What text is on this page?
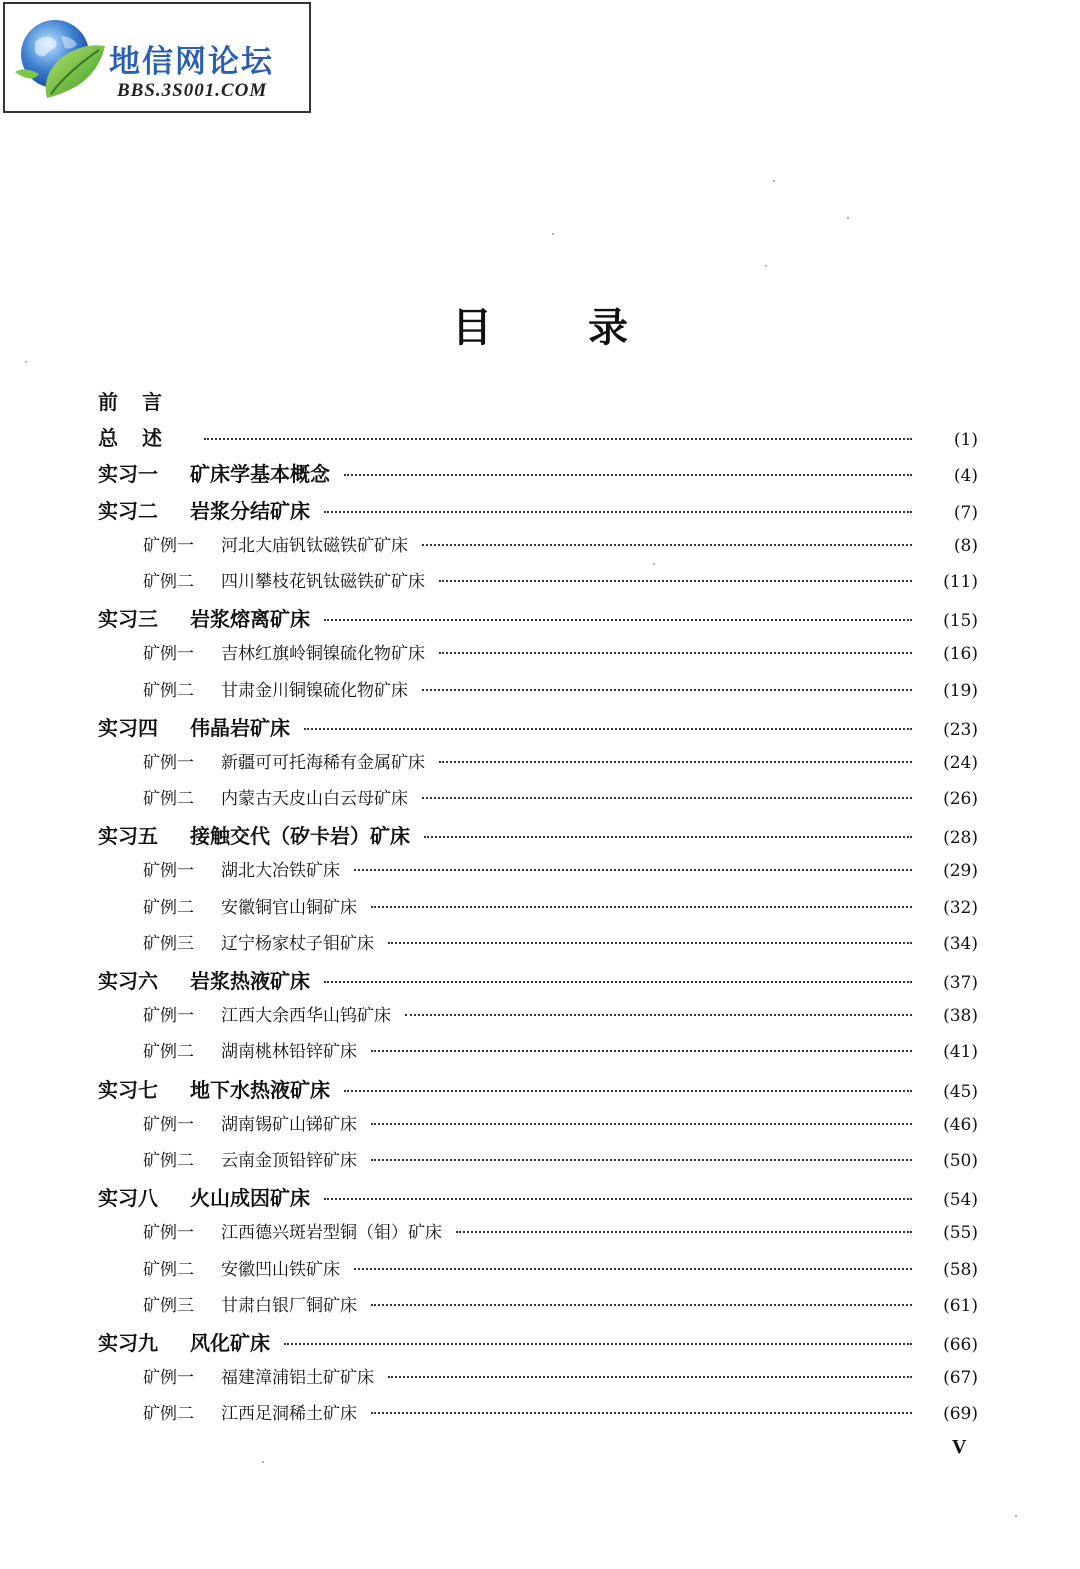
地信网论坛
BBS.3S001.COM
目录
前言
总述	(1)
实习一 矿床学基本概念	(4)
实习二 岩浆分结矿床	(7)
矿例一 河北大庙钒钛磁铁矿矿床	(8)
矿例二 四川攀枝花钒钛磁铁矿矿床	(11)
实习三 岩浆熔离矿床	(15)
矿例一 吉林红旗岭铜镍硫化物矿床	(16)
矿例二 甘肃金川铜镍硫化物矿床	(19)
实习四 伟晶岩矿床	(23)
矿例一 新疆可可托海稀有金属矿床	(24)
矿例二 内蒙古天皮山白云母矿床	(26)
实习五 接触交代（矽卡岩）矿床	(28)
矿例一 湖北大冶铁矿床	(29)
矿例二 安徽铜官山铜矿床	(32)
矿例三 辽宁杨家杖子钼矿床	(34)
实习六 岩浆热液矿床	(37)
矿例一 江西大余西华山钨矿床	(38)
矿例二 湖南桃林铅锌矿床	(41)
实习七 地下水热液矿床	(45)
矿例一 湖南锡矿山锑矿床	(46)
矿例二 云南金顶铅锌矿床	(50)
实习八 火山成因矿床	(54)
矿例一 江西德兴斑岩型铜（钼）矿床	(55)
矿例二 安徽凹山铁矿床	(58)
矿例三 甘肃白银厂铜矿床	(61)
实习九 风化矿床	(66)
矿例一 福建漳浦铝土矿矿床	(67)
矿例二 江西足洞稀土矿床	(69)
V
